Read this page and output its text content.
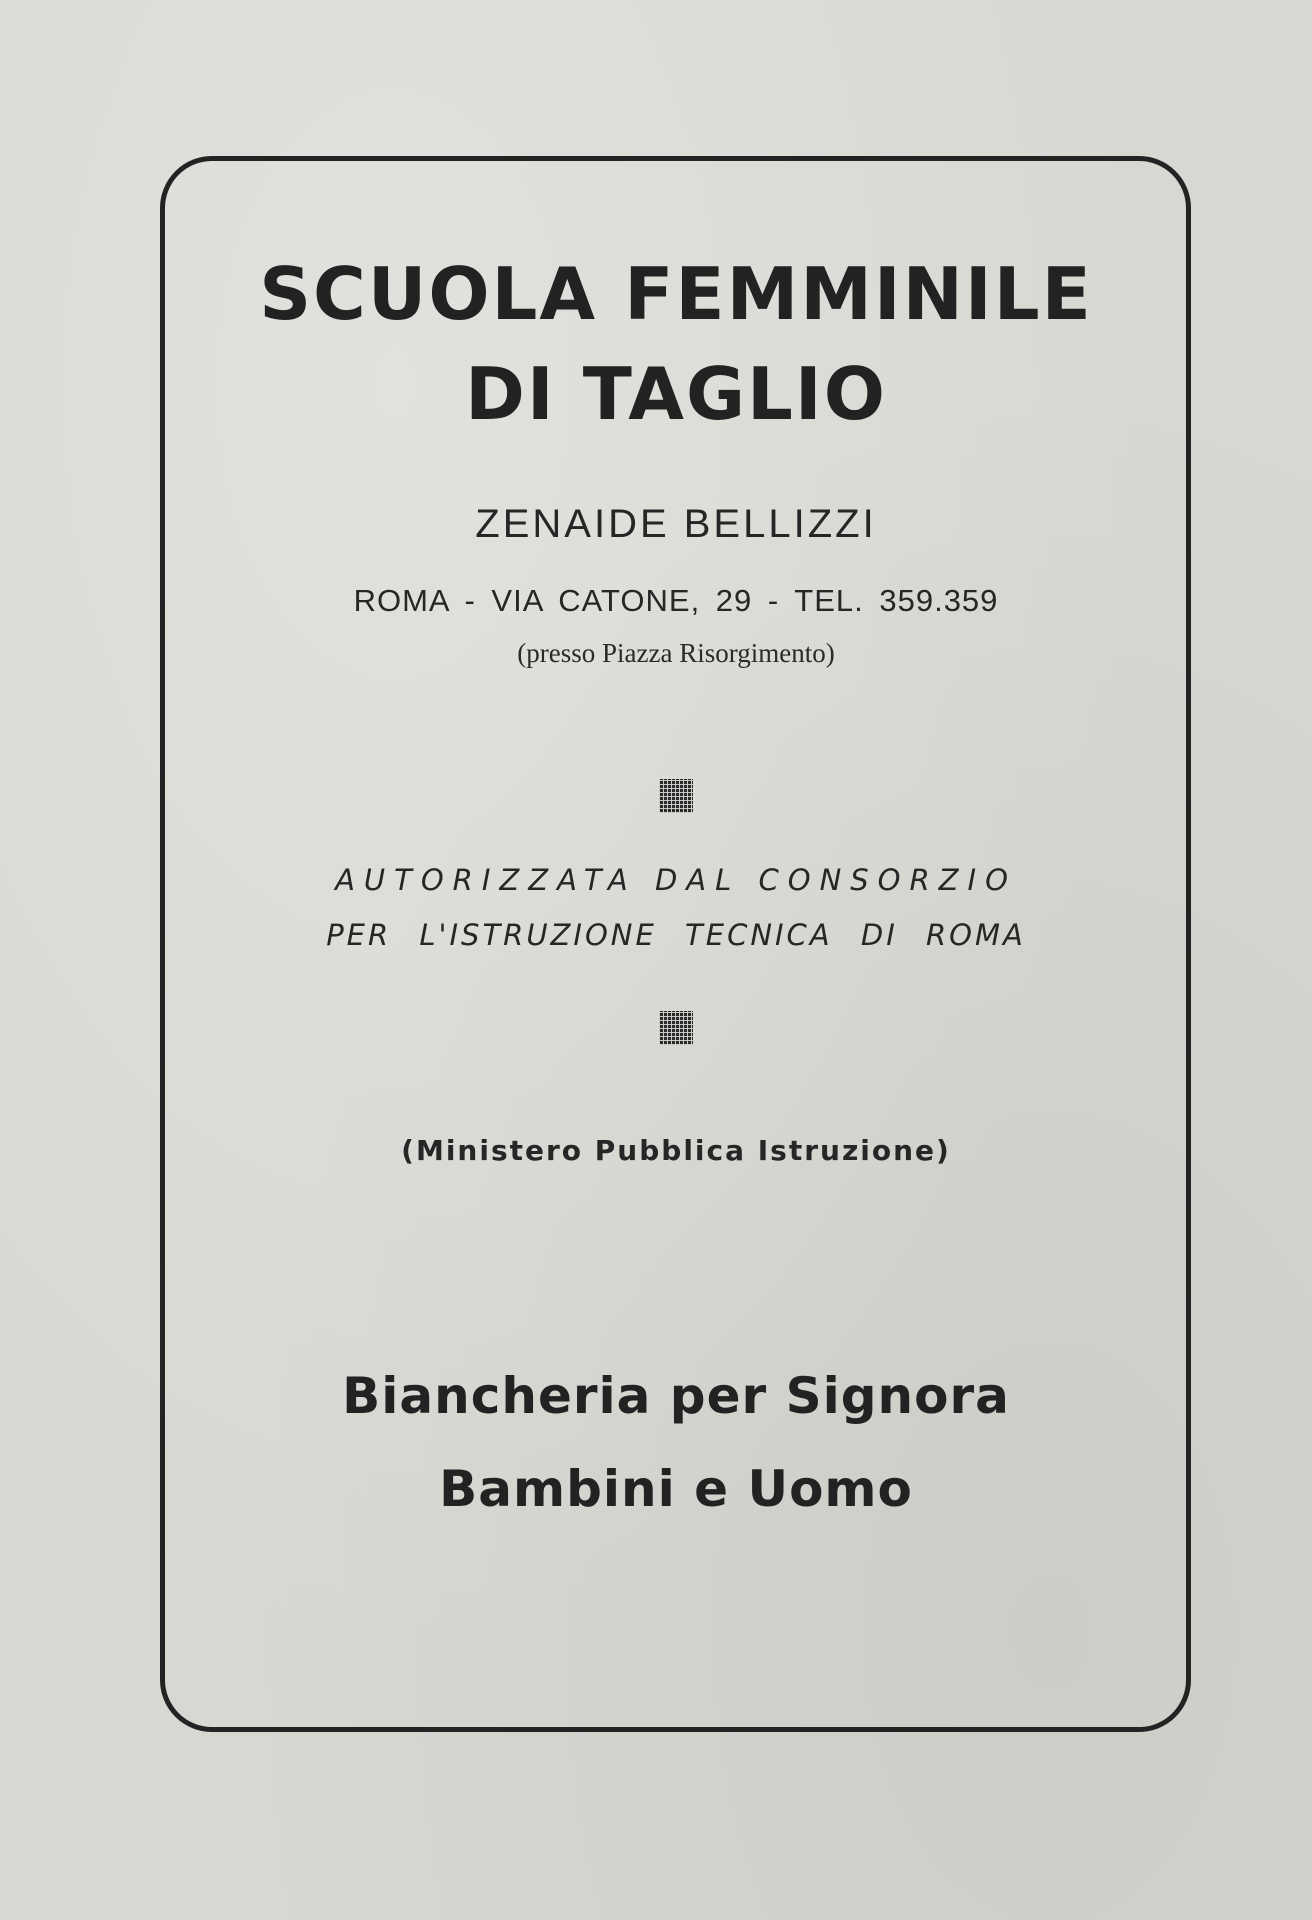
SCUOLA FEMMINILE
DI TAGLIO
ZENAIDE BELLIZZI
ROMA - VIA CATONE, 29 - TEL. 359.359
(presso Piazza Risorgimento)
AUTORIZZATA DAL CONSORZIO
PER L'ISTRUZIONE TECNICA DI ROMA
(Ministero Pubblica Istruzione)
Biancheria per Signora
Bambini e Uomo
